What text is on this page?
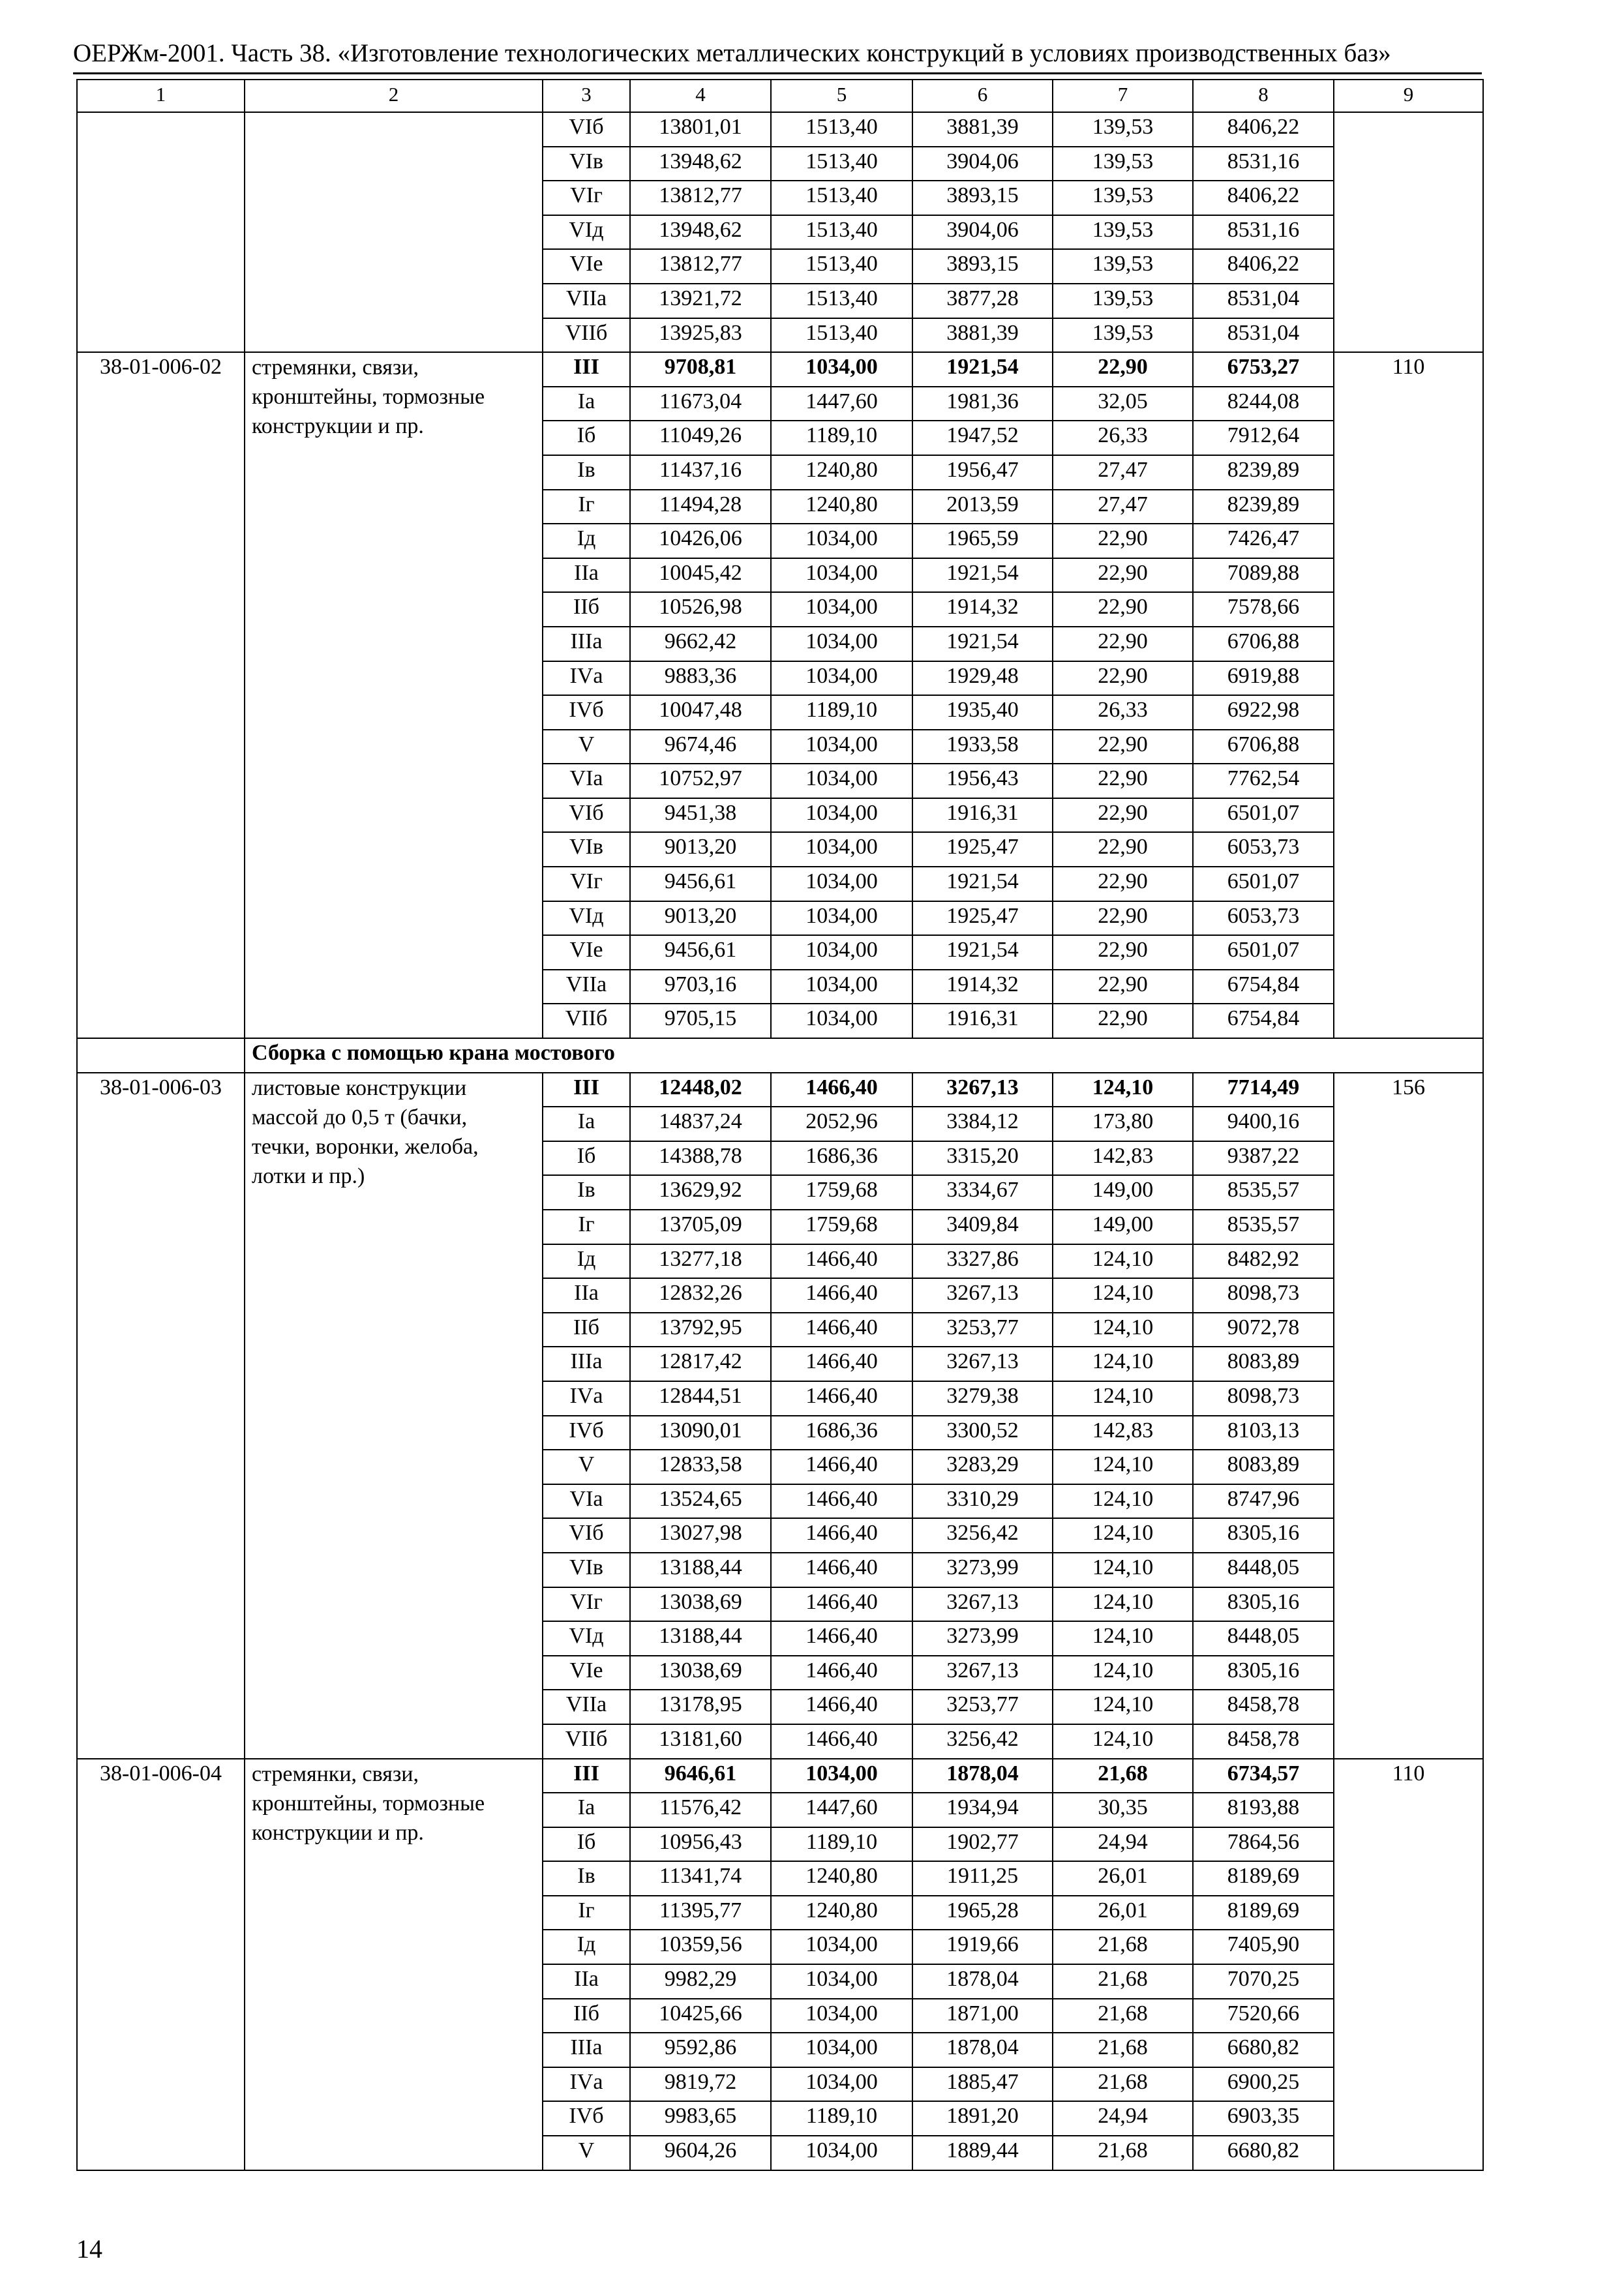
ОЕРЖм-2001. Часть 38. «Изготовление технологических металлических конструкций в условиях производственных баз»
1	2	3	4	5	6	7	8	9
		VIб	13801,01	1513,40	3881,39	139,53	8406,22	
		VIв	13948,62	1513,40	3904,06	139,53	8531,16	
		VIг	13812,77	1513,40	3893,15	139,53	8406,22	
		VIд	13948,62	1513,40	3904,06	139,53	8531,16	
		VIе	13812,77	1513,40	3893,15	139,53	8406,22	
		VIIа	13921,72	1513,40	3877,28	139,53	8531,04	
		VIIб	13925,83	1513,40	3881,39	139,53	8531,04	
38-01-006-02	стремянки, связи,
кронштейны, тормозные
конструкции и пр.	III	9708,81	1034,00	1921,54	22,90	6753,27	110
		Iа	11673,04	1447,60	1981,36	32,05	8244,08	
		Iб	11049,26	1189,10	1947,52	26,33	7912,64	
		Iв	11437,16	1240,80	1956,47	27,47	8239,89	
		Iг	11494,28	1240,80	2013,59	27,47	8239,89	
		Iд	10426,06	1034,00	1965,59	22,90	7426,47	
		IIа	10045,42	1034,00	1921,54	22,90	7089,88	
		IIб	10526,98	1034,00	1914,32	22,90	7578,66	
		IIIа	9662,42	1034,00	1921,54	22,90	6706,88	
		IVа	9883,36	1034,00	1929,48	22,90	6919,88	
		IVб	10047,48	1189,10	1935,40	26,33	6922,98	
		V	9674,46	1034,00	1933,58	22,90	6706,88	
		VIа	10752,97	1034,00	1956,43	22,90	7762,54	
		VIб	9451,38	1034,00	1916,31	22,90	6501,07	
		VIв	9013,20	1034,00	1925,47	22,90	6053,73	
		VIг	9456,61	1034,00	1921,54	22,90	6501,07	
		VIд	9013,20	1034,00	1925,47	22,90	6053,73	
		VIе	9456,61	1034,00	1921,54	22,90	6501,07	
		VIIа	9703,16	1034,00	1914,32	22,90	6754,84	
		VIIб	9705,15	1034,00	1916,31	22,90	6754,84	
	Сборка с помощью крана мостового							
38-01-006-03	листовые конструкции
массой до 0,5 т (бачки,
течки, воронки, желоба,
лотки и пр.)	III	12448,02	1466,40	3267,13	124,10	7714,49	156
		Iа	14837,24	2052,96	3384,12	173,80	9400,16	
		Iб	14388,78	1686,36	3315,20	142,83	9387,22	
		Iв	13629,92	1759,68	3334,67	149,00	8535,57	
		Iг	13705,09	1759,68	3409,84	149,00	8535,57	
		Iд	13277,18	1466,40	3327,86	124,10	8482,92	
		IIа	12832,26	1466,40	3267,13	124,10	8098,73	
		IIб	13792,95	1466,40	3253,77	124,10	9072,78	
		IIIа	12817,42	1466,40	3267,13	124,10	8083,89	
		IVа	12844,51	1466,40	3279,38	124,10	8098,73	
		IVб	13090,01	1686,36	3300,52	142,83	8103,13	
		V	12833,58	1466,40	3283,29	124,10	8083,89	
		VIа	13524,65	1466,40	3310,29	124,10	8747,96	
		VIб	13027,98	1466,40	3256,42	124,10	8305,16	
		VIв	13188,44	1466,40	3273,99	124,10	8448,05	
		VIг	13038,69	1466,40	3267,13	124,10	8305,16	
		VIд	13188,44	1466,40	3273,99	124,10	8448,05	
		VIе	13038,69	1466,40	3267,13	124,10	8305,16	
		VIIа	13178,95	1466,40	3253,77	124,10	8458,78	
		VIIб	13181,60	1466,40	3256,42	124,10	8458,78	
38-01-006-04	стремянки, связи,
кронштейны, тормозные
конструкции и пр.	III	9646,61	1034,00	1878,04	21,68	6734,57	110
		Iа	11576,42	1447,60	1934,94	30,35	8193,88	
		Iб	10956,43	1189,10	1902,77	24,94	7864,56	
		Iв	11341,74	1240,80	1911,25	26,01	8189,69	
		Iг	11395,77	1240,80	1965,28	26,01	8189,69	
		Iд	10359,56	1034,00	1919,66	21,68	7405,90	
		IIа	9982,29	1034,00	1878,04	21,68	7070,25	
		IIб	10425,66	1034,00	1871,00	21,68	7520,66	
		IIIа	9592,86	1034,00	1878,04	21,68	6680,82	
		IVа	9819,72	1034,00	1885,47	21,68	6900,25	
		IVб	9983,65	1189,10	1891,20	24,94	6903,35	
		V	9604,26	1034,00	1889,44	21,68	6680,82	
14
